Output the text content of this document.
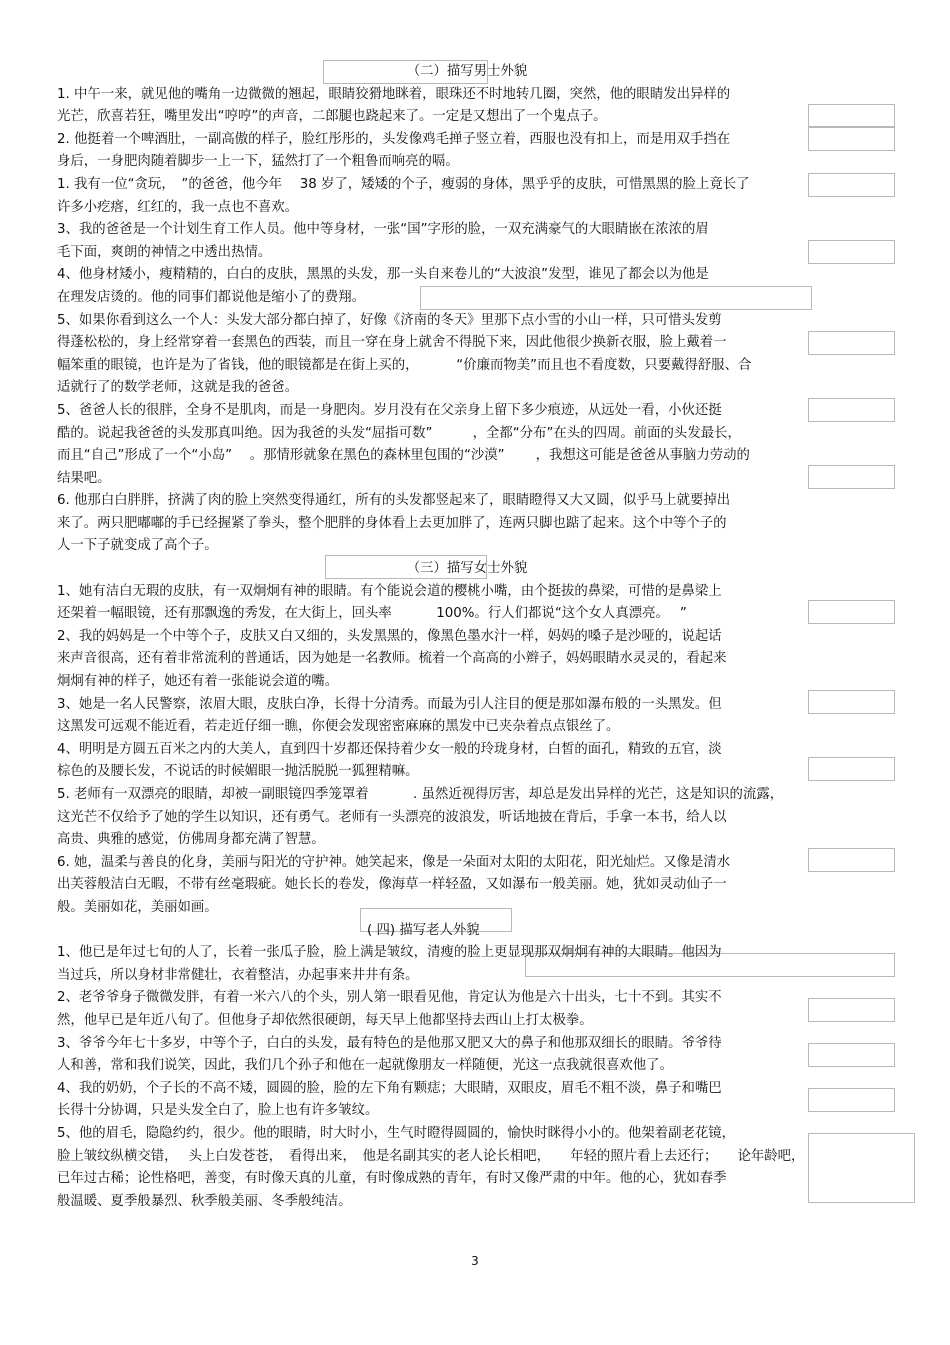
（二）描写男士外貌
1. 中午一来，就见他的嘴角一边微微的翘起，眼睛狡猾地眯着，眼珠还不时地转几圈，突然，他的眼睛发出异样的
光芒，欣喜若狂，嘴里发出“哼哼”的声音，二郎腿也跷起来了。一定是又想出了一个鬼点子。
2. 他挺着一个啤酒肚，一副高傲的样子，脸红彤彤的，头发像鸡毛掸子竖立着，西服也没有扣上，而是用双手挡在
身后，一身肥肉随着脚步一上一下，猛然打了一个粗鲁而响亮的嗝。
1. 我有一位“贪玩，　”的爸爸，他今年　 38 岁了，矮矮的个子，瘦弱的身体，黑乎乎的皮肤，可惜黑黑的脸上竟长了
许多小疙瘩，红红的，我一点也不喜欢。
3、我的爸爸是一个计划生育工作人员。他中等身材，一张“国”字形的脸，一双充满豪气的大眼睛嵌在浓浓的眉
毛下面，爽朗的神情之中透出热情。
4、他身材矮小，瘦精精的，白白的皮肤，黑黑的头发，那一头自来卷儿的“大波浪”发型，谁见了都会以为他是
在理发店烫的。他的同事们都说他是缩小了的费翔。
5、如果你看到这么一个人：头发大部分都白掉了，好像《济南的冬天》里那下点小雪的小山一样，只可惜头发剪
得蓬松松的，身上经常穿着一套黑色的西装，而且一穿在身上就舍不得脱下来，因此他很少换新衣服，脸上戴着一
幅笨重的眼镜，也许是为了省钱，他的眼镜都是在街上买的，　　　 “价廉而物美”而且也不看度数，只要戴得舒服、合
适就行了的数学老师，这就是我的爸爸。
5、爸爸人长的很胖，全身不是肌肉，而是一身肥肉。岁月没有在父亲身上留下多少痕迹，从远处一看，小伙还挺
酷的。说起我爸爸的头发那真叫绝。因为我爸的头发“屈指可数”　　　，全都“分布”在头的四周。前面的头发最长，
而且“自己”形成了一个“小岛”　 。那情形就象在黑色的森林里包围的“沙漠”　　 ，我想这可能是爸爸从事脑力劳动的
结果吧。
6. 他那白白胖胖，挤满了肉的脸上突然变得通红，所有的头发都竖起来了，眼睛瞪得又大又圆，似乎马上就要掉出
来了。两只肥嘟嘟的手已经握紧了拳头，整个肥胖的身体看上去更加胖了，连两只脚也踮了起来。这个中等个子的
人一下子就变成了高个子。
（三）描写女士外貌
1、她有洁白无瑕的皮肤，有一双炯炯有神的眼睛。有个能说会道的樱桃小嘴，由个挺拔的鼻梁，可惜的是鼻梁上
还架着一幅眼镜，还有那飘逸的秀发，在大街上，回头率　　　 100%。行人们都说“这个女人真漂亮。　 ”
2、我的妈妈是一个中等个子，皮肤又白又细的，头发黑黑的，像黑色墨水汁一样，妈妈的嗓子是沙哑的，说起话
来声音很高，还有着非常流利的普通话，因为她是一名教师。梳着一个高高的小辫子，妈妈眼睛水灵灵的，看起来
炯炯有神的样子，她还有着一张能说会道的嘴。
3、她是一名人民警察，浓眉大眼，皮肤白净，长得十分清秀。而最为引人注目的便是那如瀑布般的一头黑发。但
这黑发可远观不能近看，若走近仔细一瞧，你便会发现密密麻麻的黑发中已夹杂着点点银丝了。
4、明明是方圆五百米之内的大美人，直到四十岁都还保持着少女一般的玲珑身材，白皙的面孔，精致的五官，淡
棕色的及腰长发，不说话的时候媚眼一抛活脱脱一狐狸精嘛。
5. 老师有一双漂亮的眼睛，却被一副眼镜四季笼罩着　　　 . 虽然近视得厉害，却总是发出异样的光芒，这是知识的流露，
这光芒不仅给予了她的学生以知识，还有勇气。老师有一头漂亮的波浪发，听话地披在背后，手拿一本书，给人以
高贵、典雅的感觉，仿佛周身都充满了智慧。
6. 她，温柔与善良的化身，美丽与阳光的守护神。她笑起来，像是一朵面对太阳的太阳花，阳光灿烂。又像是清水
出芙蓉般洁白无暇，不带有丝毫瑕疵。她长长的卷发，像海草一样轻盈，又如瀑布一般美丽。她，犹如灵动仙子一
般。美丽如花，美丽如画。
( 四) 描写老人外貌
1、他已是年过七旬的人了，长着一张瓜子脸，脸上满是皱纹，清瘦的脸上更显现那双炯炯有神的大眼睛。他因为
当过兵，所以身材非常健壮，衣着整洁，办起事来井井有条。
2、老爷爷身子微微发胖，有着一米六八的个头，别人第一眼看见他，肯定认为他是六十出头，七十不到。其实不
然，他早已是年近八旬了。但他身子却依然很硬朗，每天早上他都坚持去西山上打太极拳。
3、爷爷今年七十多岁，中等个子，白白的头发，最有特色的是他那又肥又大的鼻子和他那双细长的眼睛。爷爷待
人和善，常和我们说笑，因此，我们几个孙子和他在一起就像朋友一样随便，光这一点我就很喜欢他了。
4、我的奶奶，个子长的不高不矮，圆圆的脸，脸的左下角有颗痣；大眼睛，双眼皮，眉毛不粗不淡，鼻子和嘴巴
长得十分协调，只是头发全白了，脸上也有许多皱纹。
5、他的眉毛，隐隐约约，很少。他的眼睛，时大时小，生气时瞪得圆圆的，愉快时眯得小小的。他架着副老花镜，
脸上皱纹纵横交错，　 头上白发苍苍，　看得出来，　他是名副其实的老人论长相吧，　　年轻的照片看上去还行；　　论年龄吧，
已年过古稀；论性格吧，善变，有时像天真的儿童，有时像成熟的青年，有时又像严肃的中年。他的心，犹如春季
般温暖、夏季般暴烈、秋季般美丽、冬季般纯洁。
3
